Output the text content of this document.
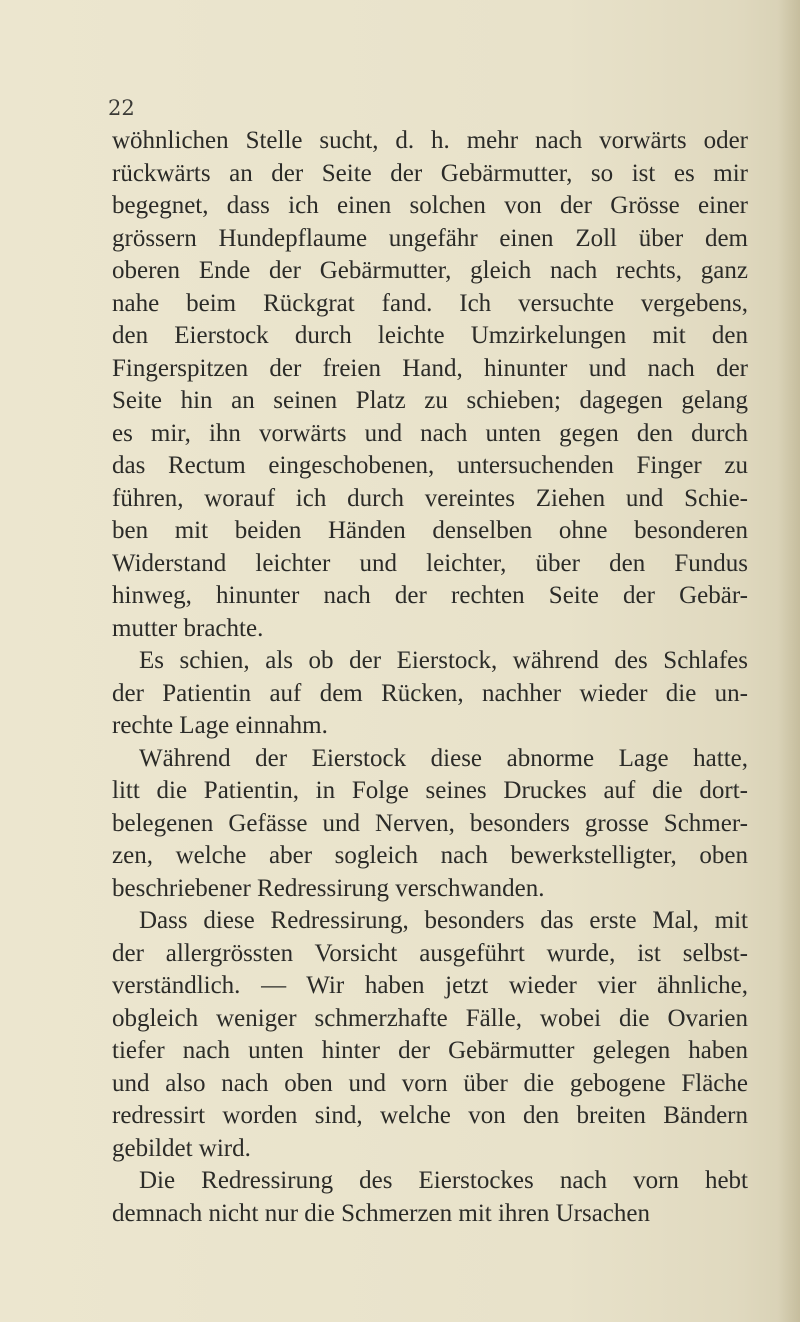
22

wöhnlichen Stelle sucht, d. h. mehr nach vorwärts oder
rückwärts an der Seite der Gebärmutter, so ist es mir
begegnet, dass ich einen solchen von der Grösse einer
grössern Hundepflaume ungefähr einen Zoll über dem
oberen Ende der Gebärmutter, gleich nach rechts, ganz
nahe beim Rückgrat fand. Ich versuchte vergebens,
den Eierstock durch leichte Umzirkelungen mit den
Fingerspitzen der freien Hand, hinunter und nach der
Seite hin an seinen Platz zu schieben; dagegen gelang
es mir, ihn vorwärts und nach unten gegen den durch
das Rectum eingeschobenen, untersuchenden Finger zu
führen, worauf ich durch vereintes Ziehen und Schie-
ben mit beiden Händen denselben ohne besonderen
Widerstand leichter und leichter, über den Fundus
hinweg, hinunter nach der rechten Seite der Gebär-
mutter brachte.

Es schien, als ob der Eierstock, während des Schlafes
der Patientin auf dem Rücken, nachher wieder die un-
rechte Lage einnahm.

Während der Eierstock diese abnorme Lage hatte,
litt die Patientin, in Folge seines Druckes auf die dort-
belegenen Gefässe und Nerven, besonders grosse Schmer-
zen, welche aber sogleich nach bewerkstelligter, oben
beschriebener Redressirung verschwanden.

Dass diese Redressirung, besonders das erste Mal, mit
der allergrössten Vorsicht ausgeführt wurde, ist selbst-
verständlich. — Wir haben jetzt wieder vier ähnliche,
obgleich weniger schmerzhafte Fälle, wobei die Ovarien
tiefer nach unten hinter der Gebärmutter gelegen haben
und also nach oben und vorn über die gebogene Fläche
redressirt worden sind, welche von den breiten Bändern
gebildet wird.

Die Redressirung des Eierstockes nach vorn hebt
demnach nicht nur die Schmerzen mit ihren Ursachen
